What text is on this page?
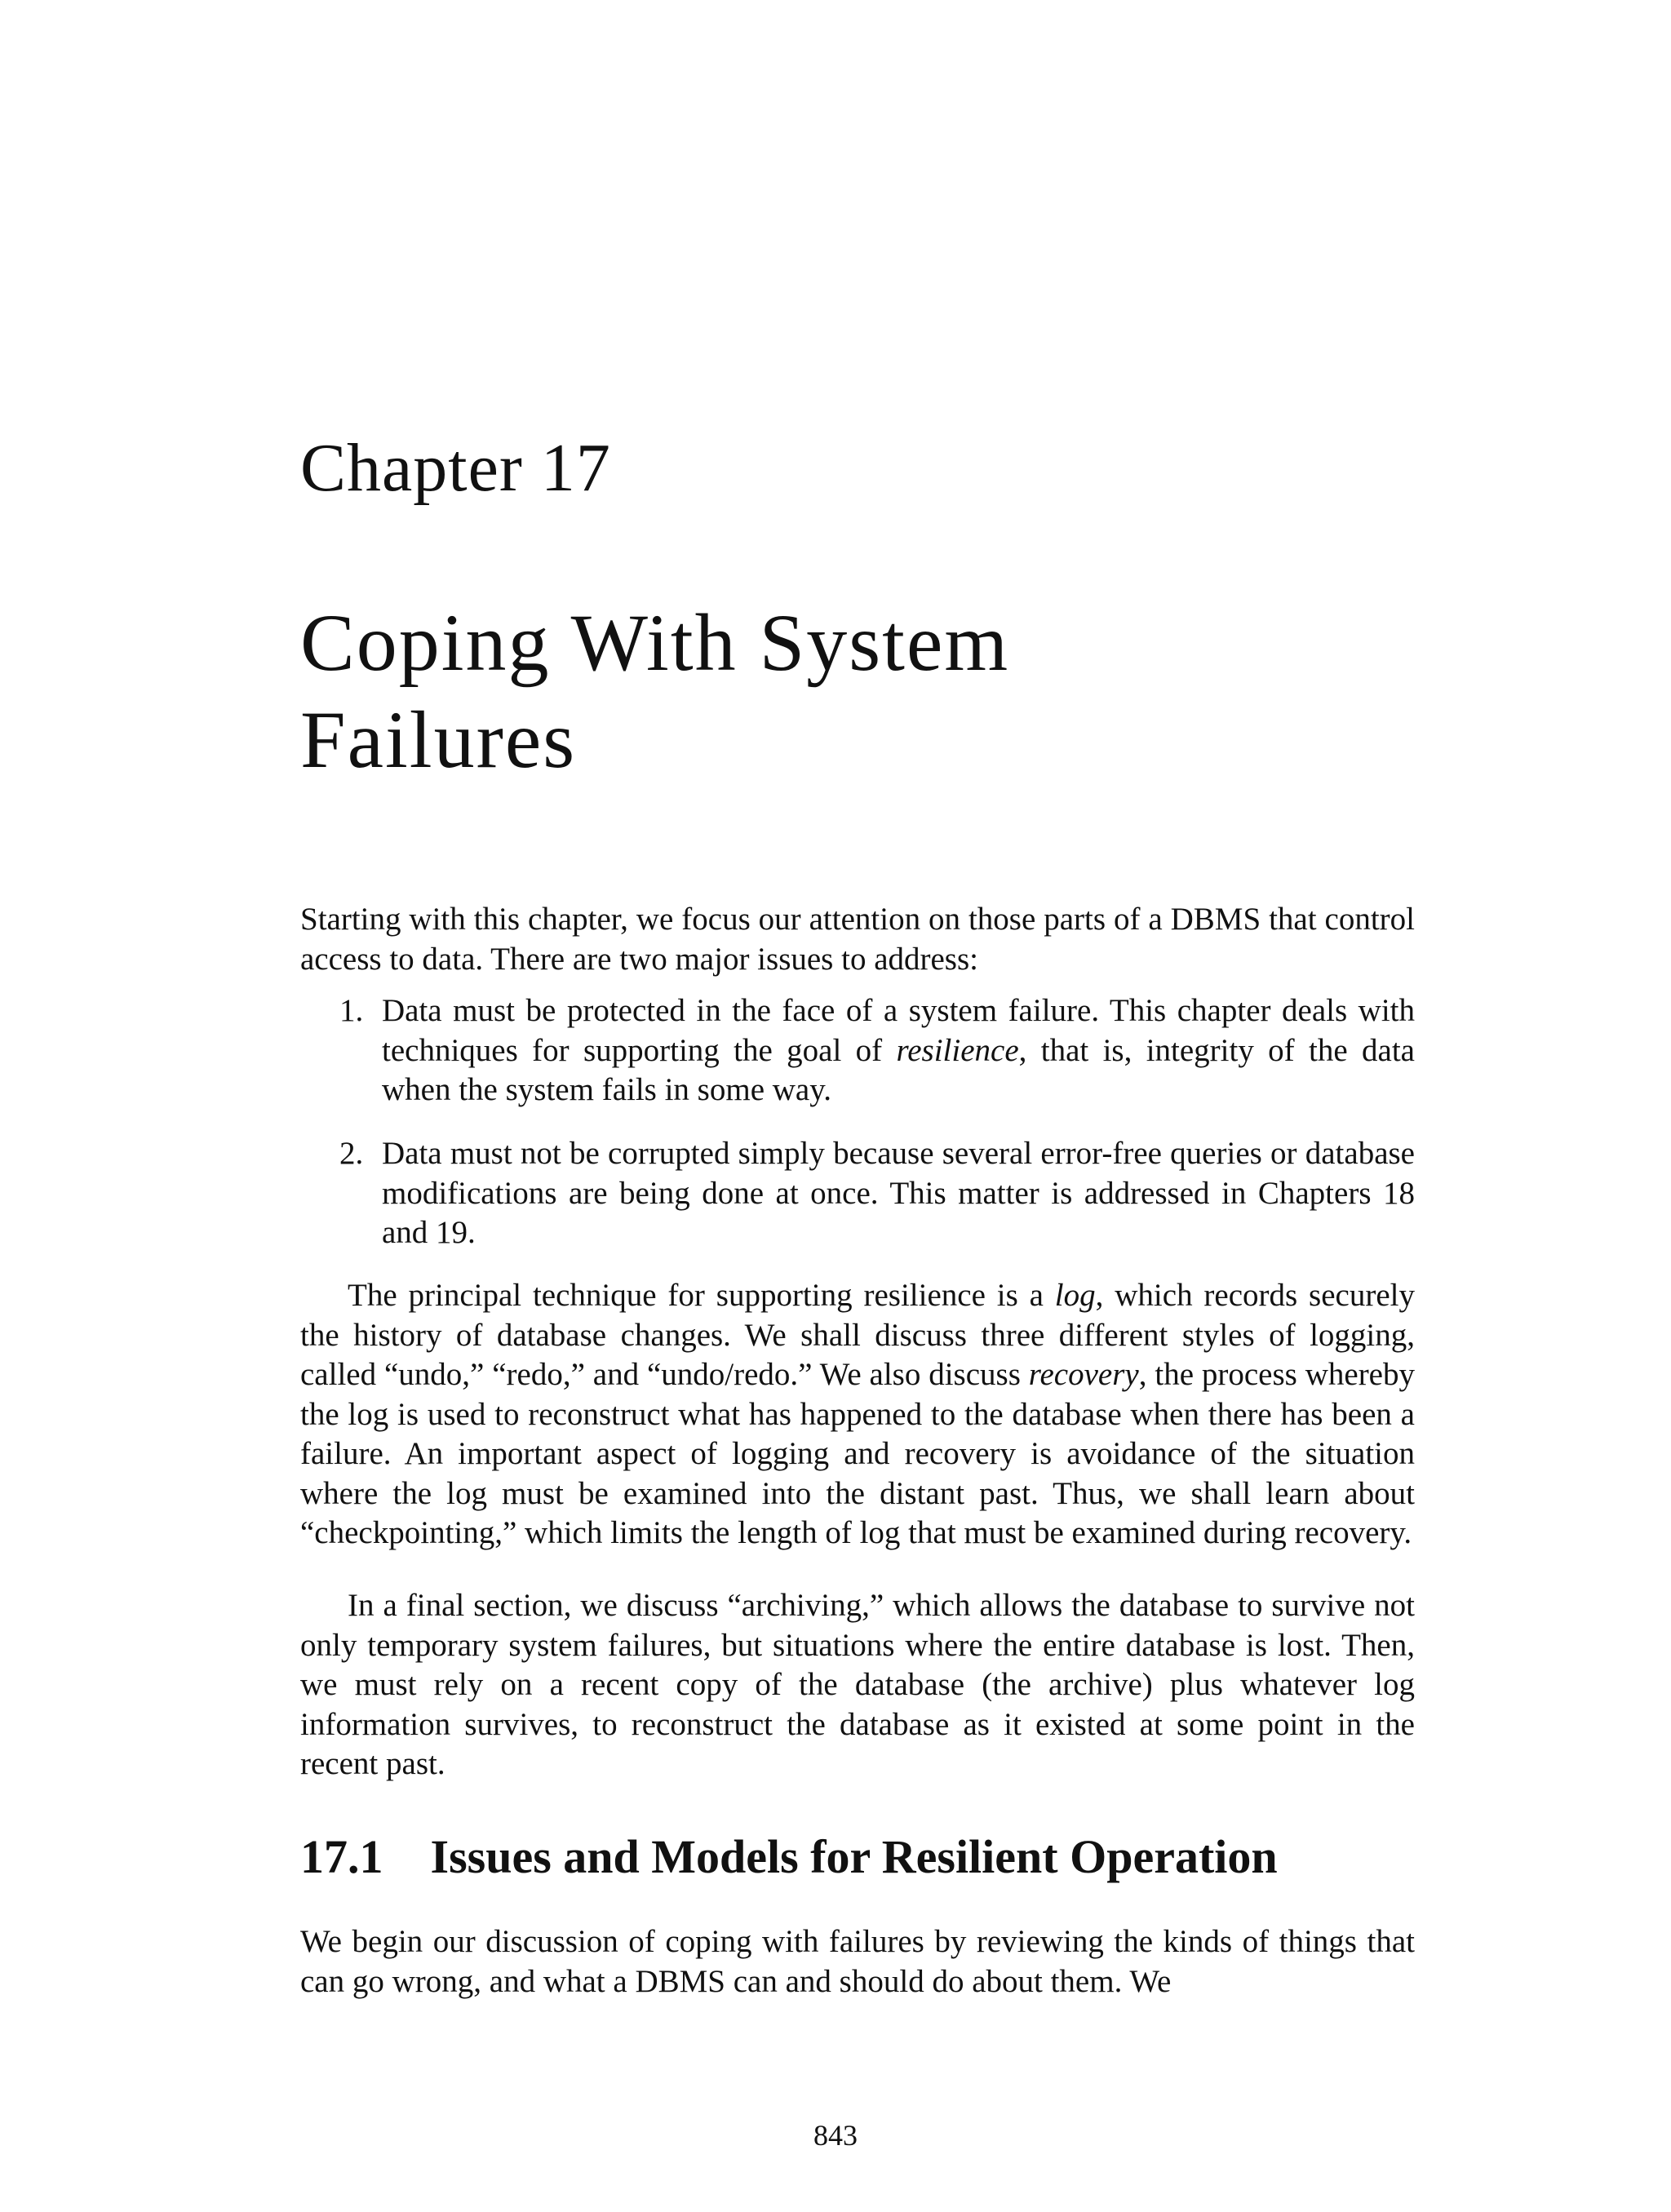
Chapter 17
Coping With System
Failures

Starting with this chapter, we focus our attention on those parts of a DBMS that control access to data. There are two major issues to address:

1. Data must be protected in the face of a system failure. This chapter deals with techniques for supporting the goal of resilience, that is, integrity of the data when the system fails in some way.
2. Data must not be corrupted simply because several error-free queries or database modifications are being done at once. This matter is addressed in Chapters 18 and 19.

The principal technique for supporting resilience is a log, which records securely the history of database changes. We shall discuss three different styles of logging, called “undo,” “redo,” and “undo/redo.” We also discuss recovery, the process whereby the log is used to reconstruct what has happened to the database when there has been a failure. An important aspect of logging and recovery is avoidance of the situation where the log must be examined into the distant past. Thus, we shall learn about “checkpointing,” which limits the length of log that must be examined during recovery.

In a final section, we discuss “archiving,” which allows the database to survive not only temporary system failures, but situations where the entire database is lost. Then, we must rely on a recent copy of the database (the archive) plus whatever log information survives, to reconstruct the database as it existed at some point in the recent past.

17.1 Issues and Models for Resilient Operation

We begin our discussion of coping with failures by reviewing the kinds of things that can go wrong, and what a DBMS can and should do about them. We

843
